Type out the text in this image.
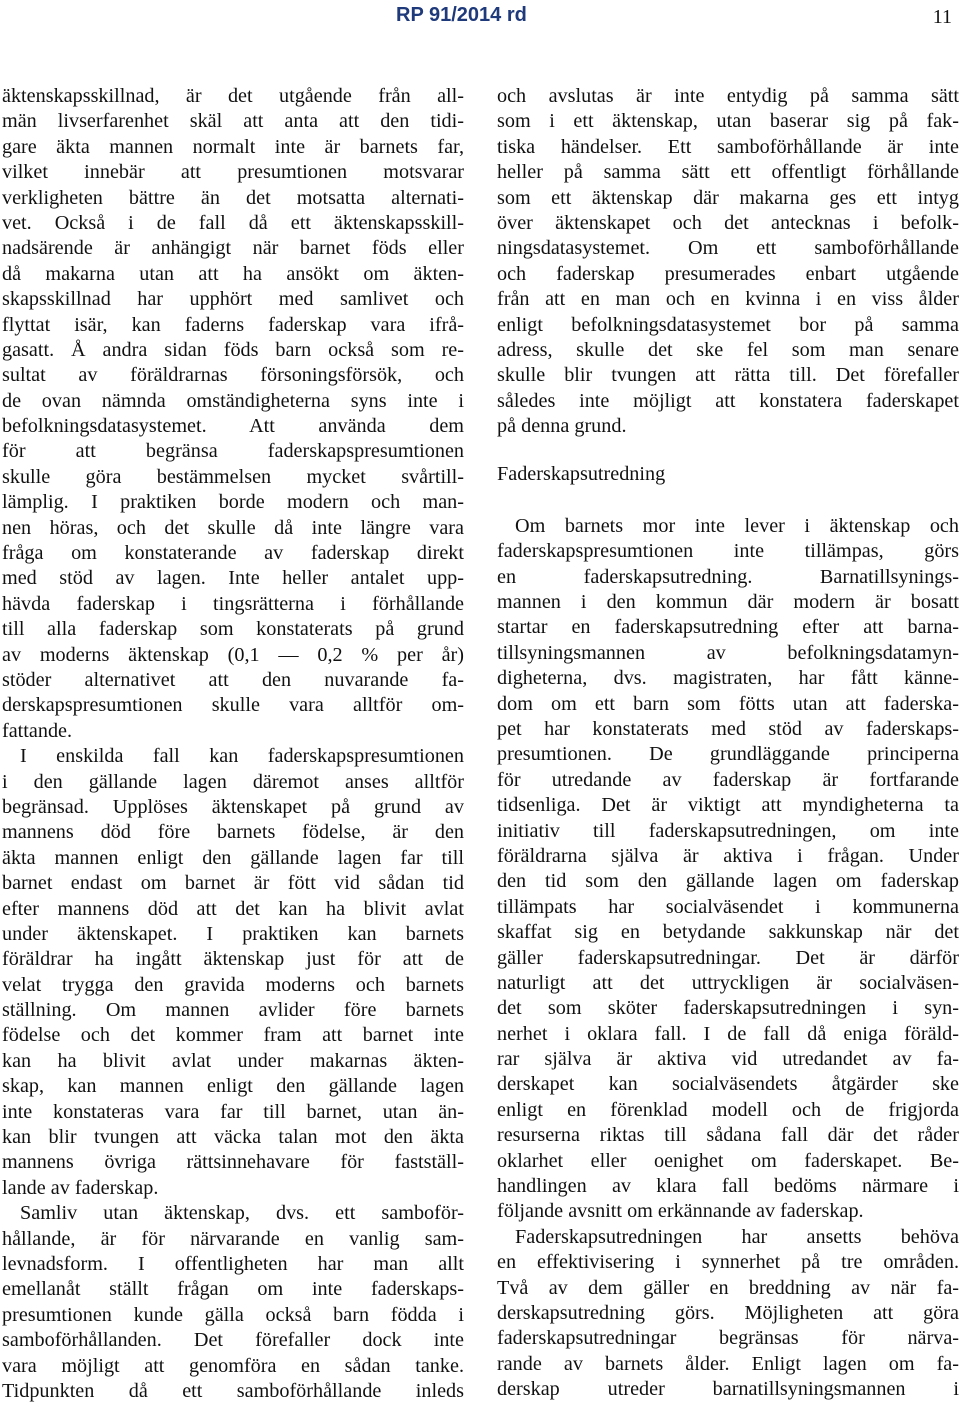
RP 91/2014 rd	11
äktenskapsskillnad, är det utgående från all-
män livserfarenhet skäl att anta att den tidi-
gare äkta mannen normalt inte är barnets far,
vilket innebär att presumtionen motsvarar
verkligheten bättre än det motsatta alternati-
vet. Också i de fall då ett äktenskapsskill-
nadsärende är anhängigt när barnet föds eller
då makarna utan att ha ansökt om äkten-
skapsskillnad har upphört med samlivet och
flyttat isär, kan faderns faderskap vara ifrå-
gasatt. Å andra sidan föds barn också som re-
sultat av föräldrarnas försoningsförsök, och
de ovan nämnda omständigheterna syns inte i
befolkningsdatasystemet. Att använda dem
för att begränsa faderskapspresumtionen
skulle göra bestämmelsen mycket svårtill-
lämplig. I praktiken borde modern och man-
nen höras, och det skulle då inte längre vara
fråga om konstaterande av faderskap direkt
med stöd av lagen. Inte heller antalet upp-
hävda faderskap i tingsrätterna i förhållande
till alla faderskap som konstaterats på grund
av moderns äktenskap (0,1 — 0,2 % per år)
stöder alternativet att den nuvarande fa-
derskapspresumtionen skulle vara alltför om-
fattande.
I enskilda fall kan faderskapspresumtionen
i den gällande lagen däremot anses alltför
begränsad. Upplöses äktenskapet på grund av
mannens död före barnets födelse, är den
äkta mannen enligt den gällande lagen far till
barnet endast om barnet är fött vid sådan tid
efter mannens död att det kan ha blivit avlat
under äktenskapet. I praktiken kan barnets
föräldrar ha ingått äktenskap just för att de
velat trygga den gravida moderns och barnets
ställning. Om mannen avlider före barnets
födelse och det kommer fram att barnet inte
kan ha blivit avlat under makarnas äkten-
skap, kan mannen enligt den gällande lagen
inte konstateras vara far till barnet, utan än-
kan blir tvungen att väcka talan mot den äkta
mannens övriga rättsinnehavare för fastställ-
lande av faderskap.
Samliv utan äktenskap, dvs. ett samboför-
hållande, är för närvarande en vanlig sam-
levnadsform. I offentligheten har man allt
emellanåt ställt frågan om inte faderskaps-
presumtionen kunde gälla också barn födda i
samboförhållanden. Det förefaller dock inte
vara möjligt att genomföra en sådan tanke.
Tidpunkten då ett samboförhållande inleds
och avslutas är inte entydig på samma sätt
som i ett äktenskap, utan baserar sig på fak-
tiska händelser. Ett samboförhållande är inte
heller på samma sätt ett offentligt förhållande
som ett äktenskap där makarna ges ett intyg
över äktenskapet och det antecknas i befolk-
ningsdatasystemet. Om ett samboförhållande
och faderskap presumerades enbart utgående
från att en man och en kvinna i en viss ålder
enligt befolkningsdatasystemet bor på samma
adress, skulle det ske fel som man senare
skulle blir tvungen att rätta till. Det förefaller
således inte möjligt att konstatera faderskapet
på denna grund.
Faderskapsutredning
Om barnets mor inte lever i äktenskap och
faderskapspresumtionen inte tillämpas, görs
en faderskapsutredning. Barnatillsynings-
mannen i den kommun där modern är bosatt
startar en faderskapsutredning efter att barna-
tillsyningsmannen av befolkningsdatamyn-
digheterna, dvs. magistraten, har fått känne-
dom om ett barn som fötts utan att faderska-
pet har konstaterats med stöd av faderskaps-
presumtionen. De grundläggande principerna
för utredande av faderskap är fortfarande
tidsenliga. Det är viktigt att myndigheterna ta
initiativ till faderskapsutredningen, om inte
föräldrarna själva är aktiva i frågan. Under
den tid som den gällande lagen om faderskap
tillämpats har socialväsendet i kommunerna
skaffat sig en betydande sakkunskap när det
gäller faderskapsutredningar. Det är därför
naturligt att det uttryckligen är socialväsen-
det som sköter faderskapsutredningen i syn-
nerhet i oklara fall. I de fall då eniga föräld-
rar själva är aktiva vid utredandet av fa-
derskapet kan socialväsendets åtgärder ske
enligt en förenklad modell och de frigjorda
resurserna riktas till sådana fall där det råder
oklarhet eller oenighet om faderskapet. Be-
handlingen av klara fall bedöms närmare i
följande avsnitt om erkännande av faderskap.
Faderskapsutredningen har ansetts behöva
en effektivisering i synnerhet på tre områden.
Två av dem gäller en breddning av när fa-
derskapsutredning görs. Möjligheten att göra
faderskapsutredningar begränsas för närva-
rande av barnets ålder. Enligt lagen om fa-
derskap utreder barnatillsyningsmannen i
